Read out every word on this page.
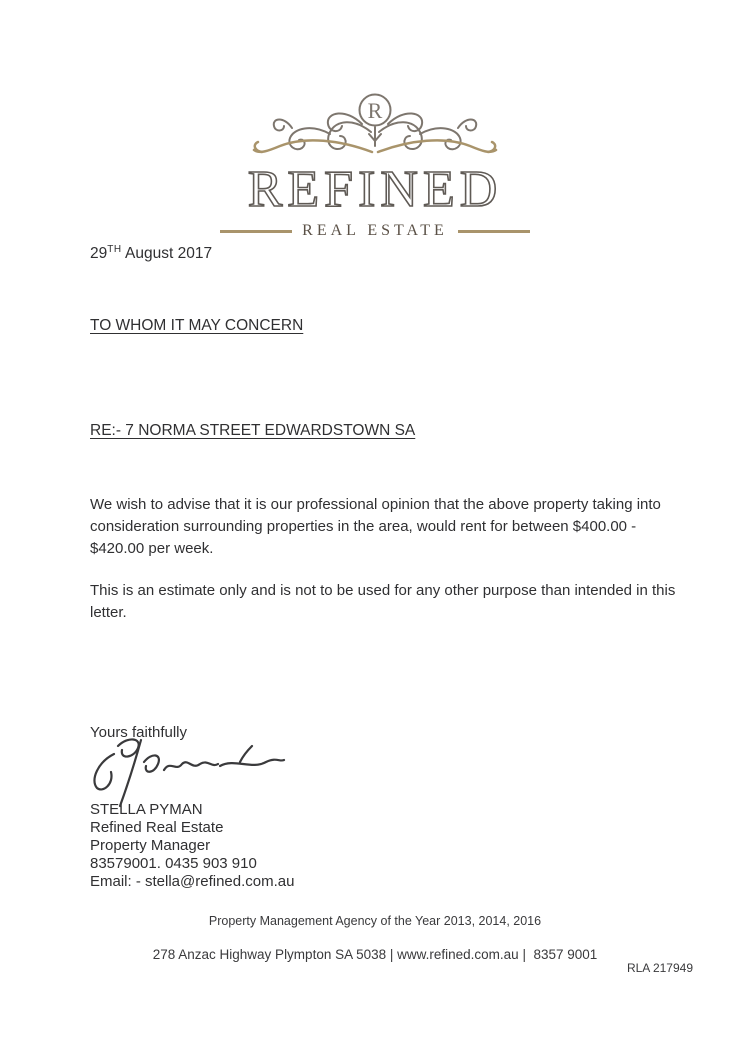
R
REFINED
REAL ESTATE
29TH August 2017
TO WHOM IT MAY CONCERN
RE:- 7 NORMA STREET EDWARDSTOWN SA

We wish to advise that it is our professional opinion that the above property taking into consideration surrounding properties in the area, would rent for between $400.00 - $420.00 per week.

This is an estimate only and is not to be used for any other purpose than intended in this letter.

Yours faithfully
STELLA PYMAN
Refined Real Estate
Property Manager
83579001. 0435 903 910
Email: - stella@refined.com.au
Property Management Agency of the Year 2013, 2014, 2016
278 Anzac Highway Plympton SA 5038 | www.refined.com.au |  8357 9001
RLA 217949
